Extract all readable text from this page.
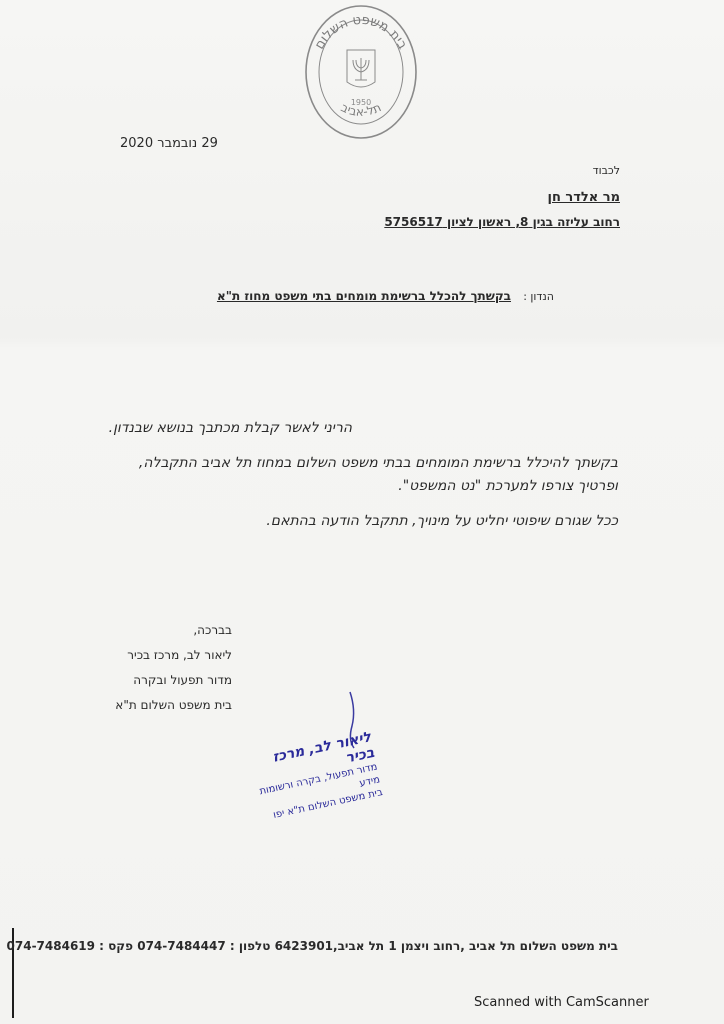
בית משפט השלום
תל-אביב
1950
29 נובמבר 2020
לכבוד
מר אלדר חן
רחוב עליזה בגין 8, ראשון לציון 5756517
הנדון :
בקשתך להכלל ברשימת מומחים בתי משפט מחוז ת"א
הריני לאשר קבלת מכתבך בנושא שבנדון.
בקשתך להיכלל ברשימת המומחים בבתי משפט השלום במחוז תל אביב התקבלה,
ופרטיך צורפו למערכת "נט המשפט".
ככל שגורם שיפוטי יחליט על מינויך, תתקבל הודעה בהתאם.
בברכה,
ליאור לב, מרכז בכיר
מדור תפעול ובקרה
בית משפט השלום ת"א
ליאור לב, מרכז בכיר
מדור תפעול, בקרה ורשומות מידע
בית משפט השלום ת"א יפו
בית משפט השלום תל אביב ,רחוב ויצמן 1 תל אביב,6423901 טלפון : 074-7484447 פקס : 074-7484619
Scanned with CamScanner
